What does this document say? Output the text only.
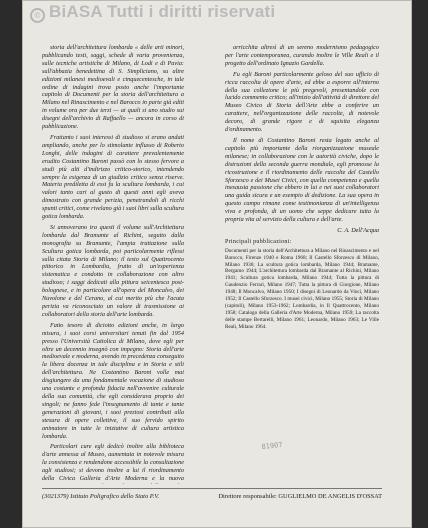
© BiASA Tutti i diritti riservati

storia dell'architettura lombarda « delle arti minori, pubblicando testi, saggi, schede di varia provenienza, sulle tecniche artistiche di Milano, di Lodi e di Pavia: sull'abbazia benedettina di S. Simpliciano, su altre edizioni milanesi medioevali e cinquecentesche, in tale ordine di indagini trova posto anche l'importante capitolo di Documenti per la storia dell'architettura a Milano nel Rinascimento e nel Barocco in parte già editi in volume ora per due terzi — ai quali si uno studio sui disegni dell'archivio di Raffaello — ancora in corso di pubblicazione.

Frattanto i suoi interessi di studioso si erano andati ampliando, anche per lo stimolante influsso di Roberto Longhi, delle indagini di carattere prevalentemente erudito Costantino Baroni passò con lo stesso fervore a studi più alti d'indirizzo critico-storico, intendendo sempre la esigenza di un giudizio critico senza riserve. Materia prediletta di essi fu la scultura lombarda, i cui valori tanto cari al gusto di questi anni egli aveva dimostrato con grande perizia, penetrandoli di ricchi spunti critici, come rivelano già i suoi libri sulla scultura gotica lombarda.

Si annoverano tra questi il volume sull'Architettura lombarda dal Bramante al Richini, seguito dalla monografia su Bramante, l'ampia trattazione sulla Scultura gotica lombarda, poi particolarmente riflessi sulla citata Storia di Milano; il testo sul Quattrocento pittorico in Lombardia, frutto di un'esperienza sistematica e condotto in collaborazione con altro studioso; i saggi dedicati alla pittura seicentesca post-bolognese, e in particolare all'opera del Moncalvo, dei Nuvolone e del Cerano, al cui merito più che l'acuta perizia va riconosciuto un valore di trasmissione ai collaboratori della storia dell'arte lombarda.

Fatto tesoro di diciotto edizioni anche, in largo misura, i suoi corsi universitari tenuti fin dal 1954 presso l'Università Cattolica di Milano, dove egli per oltre un decennio insegnò con impegno: Storia dell'arte medioevale e moderna, avendo in precedenza conseguito la libera docenza in tale disciplina e in Storia e stili dell'architettura. Ne Costantino Baroni volle mai disgiungere da una fondamentale vocazione di studioso una costante e profonda fiducia nell'avvenire culturale della sua comunità, che egli considerava proprio dei singoli; ne fanno fede l'insegnamento di tante e tante generazioni di giovani, i suoi preziosi contributi alla stesura di opere collettive, il suo fervido spirito animatore in tutte le iniziative di cultura artistica lombarda.

Particolari cure egli dedicò inoltre alla biblioteca d'arte annessa al Museo, aumentata in notevole misura la consistenza e rendendone accessibile la consultazione agli studiosi; si devono inoltre a lui il riordinamento della Civica Galleria d'Arte Moderna e la nuova

arricchita altresì di un sereno modernismo pedagogico per l'arte contemporanea, curando inoltre le Ville Reali e il progetto dell'ordinato Ignazio Gardella.

Fu egli Baroni particolarmente geloso del suo ufficio di ricca raccolta di opere d'arte, ed ebbe a esporre all'interno della sua collezione le più pregevoli, presentandole con lucido commento critico; all'inizio dell'attività di direttore del Museo Civico di Storia dell'Arte ebbe a conferire un carattere, nell'organizzazione delle raccolte, di notevole decoro, di grande rigore e di squisita eleganza d'ordinamento.

Il nome di Costantino Baroni resta legato anche al capitolo più importante della riorganizzazione museale milanese; in collaborazione con le autorità civiche, dopo le distruzioni della seconda guerra mondiale, egli promosse la ricostruzione e il riordinamento delle raccolte del Castello Sforzesco e dei Musei Civici, con quella competenza e quella inesausta passione che ebbero in lui e nei suoi collaboratori una guida sicura e un esempio di dedizione. La sua opera in questo campo rimane come testimonianza di un'intelligenza viva e profonda, di un uomo che seppe dedicare tutta la propria vita al servizio della cultura e dell'arte.

C. A. Dell'Acqua
Principali pubblicazioni:
Documenti per la storia dell'Architettura a Milano nel Rinascimento e nel Barocco, Firenze 1940 e Roma 1968; Il Castello Sforzesco di Milano, Milano 1936; La scultura gotica lombarda, Milano 1944; Bramante, Bergamo 1944; L'architettura lombarda dal Bramante al Richini, Milano 1941; Scultura gotica lombarda, Milano 1944; Tutta la pittura di Gaudenzio Ferrari, Milano 1947; Tutta la pittura di Giorgione, Milano 1948; Il Moncalvo, Milano 1950; I disegni di Leonardo da Vinci, Milano 1952; Il Castello Sforzesco. I musei civici, Milano 1955; Storia di Milano (capitoli), Milano 1953-1962; Lombardia, in Il Quattrocento, Milano 1958; Catalogo della Galleria d'Arte Moderna, Milano 1959; La raccolta delle stampe Bertarelli, Milano 1961; Leonardo, Milano 1963; Le Ville Reali, Milano 1964.
81907
(3021379) Istituto Poligrafico dello Stato P.V.	Direttore responsabile: GUGLIELMO DE ANGELIS D'OSSAT
